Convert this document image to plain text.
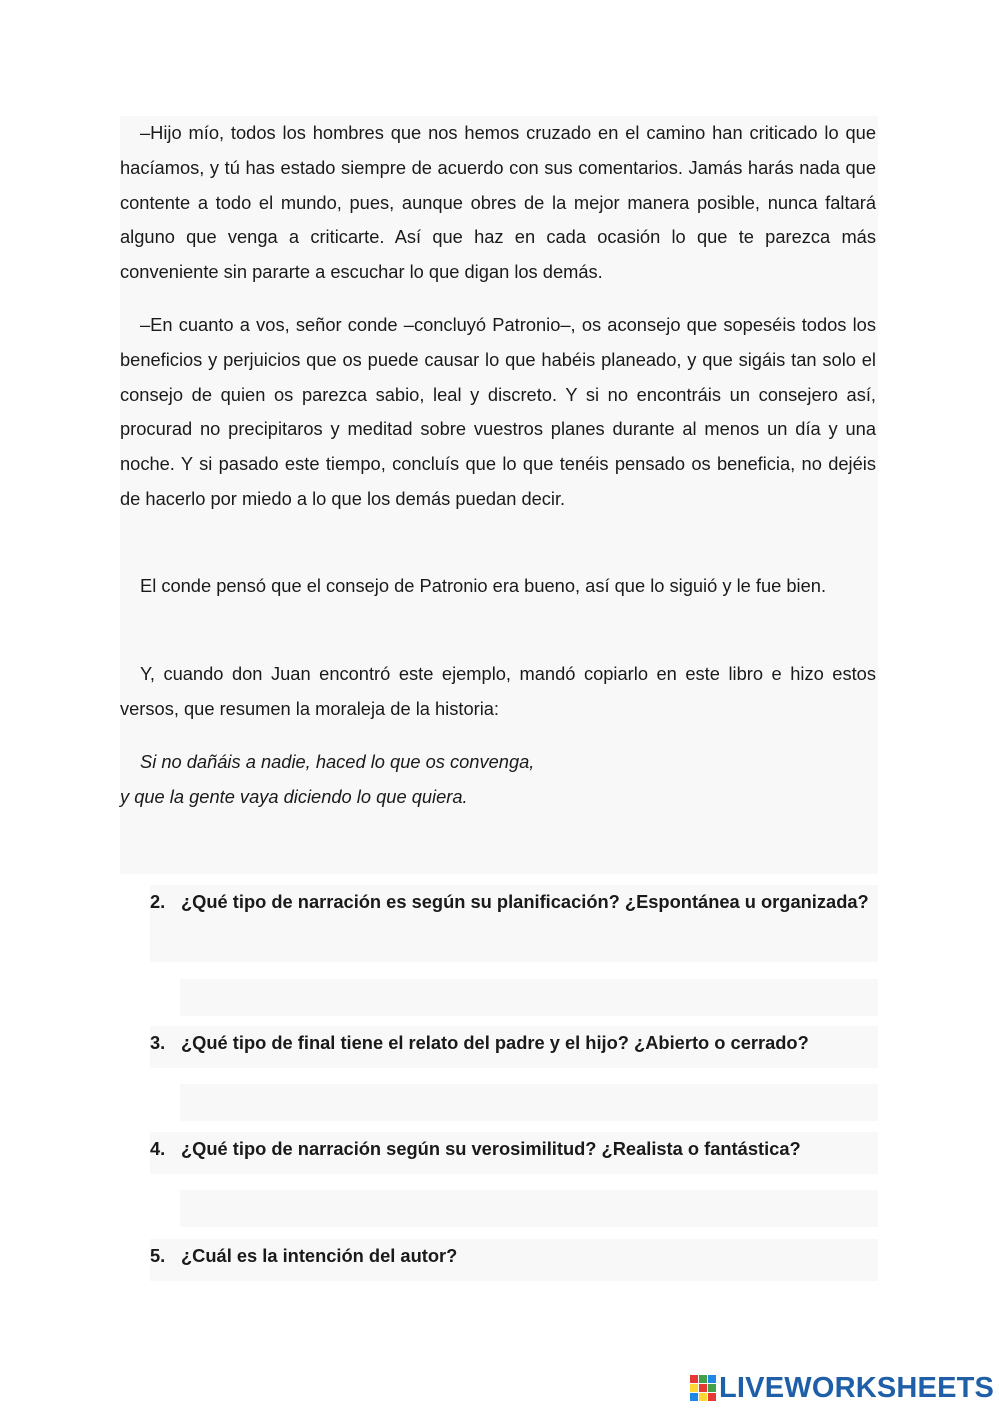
–Hijo mío, todos los hombres que nos hemos cruzado en el camino han criticado lo que hacíamos, y tú has estado siempre de acuerdo con sus comentarios. Jamás harás nada que contente a todo el mundo, pues, aunque obres de la mejor manera posible, nunca faltará alguno que venga a criticarte. Así que haz en cada ocasión lo que te parezca más conveniente sin pararte a escuchar lo que digan los demás.

–En cuanto a vos, señor conde –concluyó Patronio–, os aconsejo que sopeséis todos los beneficios y perjuicios que os puede causar lo que habéis planeado, y que sigáis tan solo el consejo de quien os parezca sabio, leal y discreto. Y si no encontráis un consejero así, procurad no precipitaros y meditad sobre vuestros planes durante al menos un día y una noche. Y si pasado este tiempo, concluís que lo que tenéis pensado os beneficia, no dejéis de hacerlo por miedo a lo que los demás puedan decir.

El conde pensó que el consejo de Patronio era bueno, así que lo siguió y le fue bien.

Y, cuando don Juan encontró este ejemplo, mandó copiarlo en este libro e hizo estos versos, que resumen la moraleja de la historia:

Si no dañáis a nadie, haced lo que os convenga,
y que la gente vaya diciendo lo que quiera.
2. ¿Qué tipo de narración es según su planificación? ¿Espontánea u organizada?
3. ¿Qué tipo de final tiene el relato del padre y el hijo? ¿Abierto o cerrado?
4. ¿Qué tipo de narración según su verosimilitud? ¿Realista o fantástica?
5. ¿Cuál es la intención del autor?
LIVEWORKSHEETS
